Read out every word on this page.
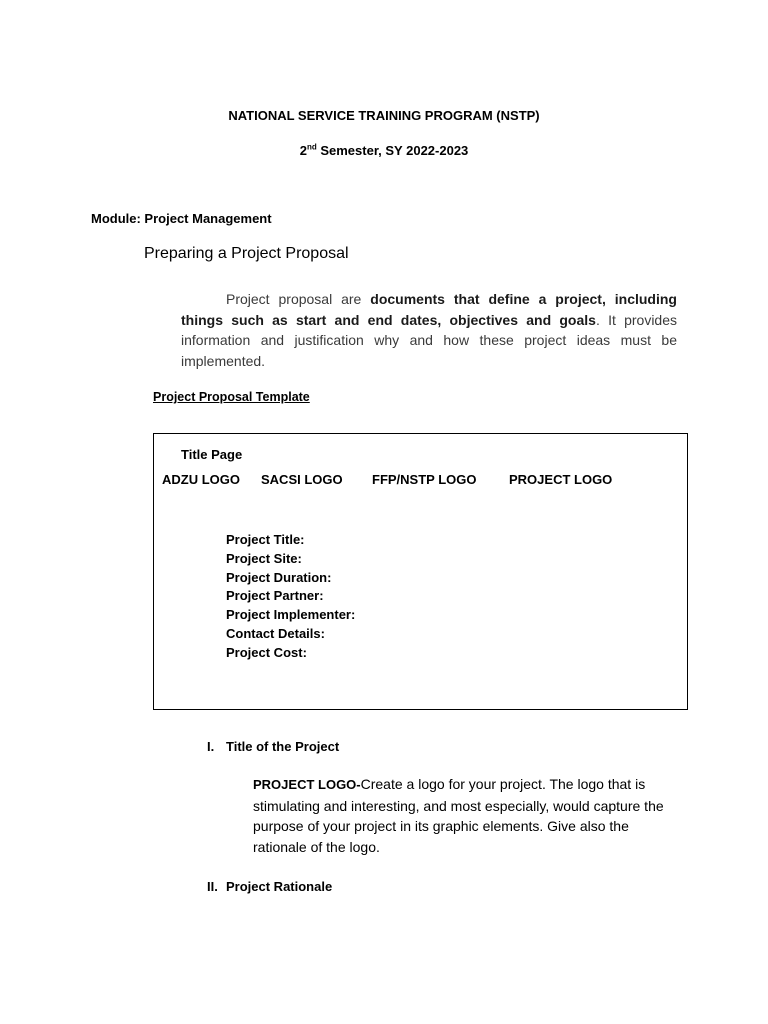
NATIONAL SERVICE TRAINING PROGRAM (NSTP)
2nd Semester, SY 2022-2023
Module: Project Management
Preparing a Project Proposal

Project proposal are documents that define a project, including things such as start and end dates, objectives and goals. It provides information and justification why and how these project ideas must be implemented.

Project Proposal Template
Title Page
ADZU LOGO SACSI LOGO FFP/NSTP LOGO	PROJECT LOGO
Project Title:
Project Site:
Project Duration:
Project Partner:
Project Implementer:
Contact Details:
Project Cost:
I. Title of the Project

PROJECT LOGO-Create a logo for your project. The logo that is stimulating and interesting, and most especially, would capture the purpose of your project in its graphic elements. Give also the rationale of the logo.

II. Project Rationale
